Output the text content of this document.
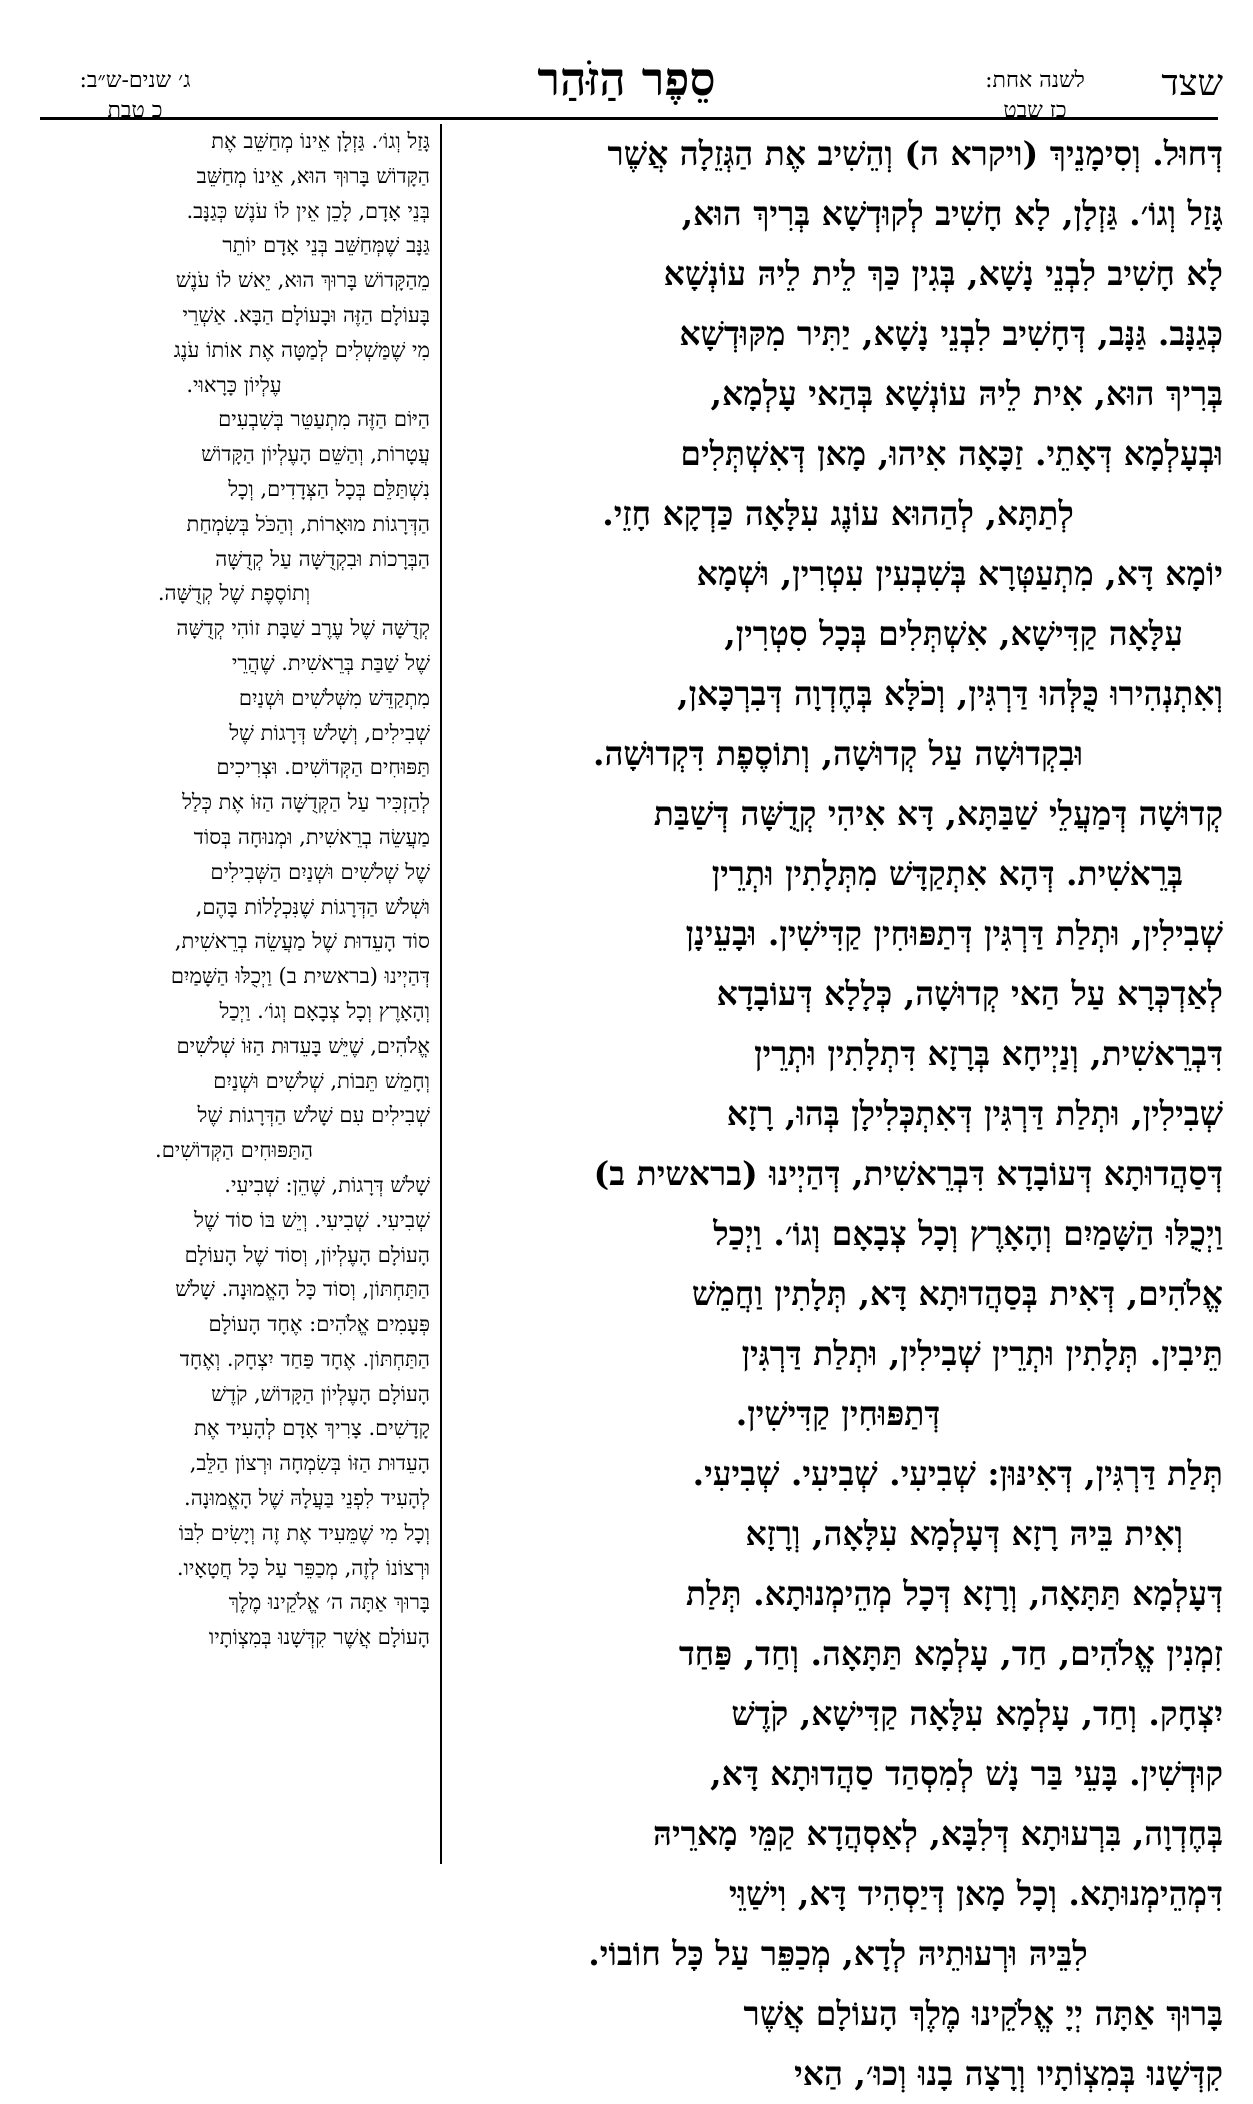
שצד
לשנה אחת:
כז שבט
סֵפֶר הַזֹּהַר
ג׳ שנים-ש״ב:
כ טבת
דְּחוּל. וְסִימָנֵיךְ (ויקרא ה) וְהֵשִׁיב אֶת הַגְּזֵלָה אֲשֶׁר
גָּזַל וְגוֹ׳. גַּזְלָן, לָא חָשִׁיב לְקוּדְשָׁא בְּרִיךְ הוּא,
לָא חָשִׁיב לִבְנֵי נָשָׁא, בְּגִין כַּךְ לֵית לֵיהּ עוֹנְשָׁא
כְּגַנָּב. גַּנָּב, דְּחָשִׁיב לִבְנֵי נָשָׁא, יַתִּיר מִקּוּדְשָׁא
בְּרִיךְ הוּא, אִית לֵיהּ עוֹנְשָׁא בְּהַאי עָלְמָא,
וּבְעָלְמָא דְּאָתֵי. זַכָּאָה אִיהוּ, מָאן דְּאִשְׁתְּלִים
לְתַתָּא, לְהַהוּא עוֹנֶג עִלָּאָה כַּדְקָא חָזֵי.
יוֹמָא דָּא, מִתְעַטְּרָא בְּשִׁבְעִין עִטְרִין, וּשְׁמָא
עִלָּאָה קַדִּישָׁא, אִשְׁתְּלִים בְּכָל סִטְרִין,
וְאִתְנְהִירוּ כֻּלְּהוּ דַּרְגִּין, וְכֹלָּא בְּחֶדְוָה דְּבִרְכָּאן,
וּבִקְדוּשָׁה עַל קְדוּשָׁה, וְתוֹסֶפֶת דִּקְדוּשָׁה.
קְדוּשָׁה דְּמַעֲלֵי שַׁבַּתָּא, דָּא אִיהִי קְדֻשָּׁה דְּשַׁבַּת
בְּרֵאשִׁית. דְּהָא אִתְקַדָּשׁ מִתְּלָתִין וּתְרֵין
שְׁבִילִין, וּתְלַת דַּרְגִּין דְּתַפּוּחִין קַדִּישִׁין. וּבָעֵינָן
לְאַדְכְּרָא עַל הַאי קְדוּשָׁה, כְּלָלָא דְּעוֹבָדָא
דִּבְרֵאשִׁית, וְנַיְיחָא בְּרָזָא דִּתְלָתִין וּתְרֵין
שְׁבִילִין, וּתְלַת דַּרְגִּין דְּאִתְכְּלִילָן בְּהוּ, רָזָא
דְּסַהֲדוּתָא דְּעוֹבָדָא דִּבְרֵאשִׁית, דְּהַיְינוּ (בראשית ב)
וַיְכֻלּוּ הַשָּׁמַיִם וְהָאָרֶץ וְכָל צְבָאָם וְגוֹ׳. וַיְכַל
אֱלֹהִים, דְּאִית בְּסַהֲדוּתָא דָּא, תְּלָתִין וַחֲמֵשׁ
תֵּיבִין. תְּלָתִין וּתְרֵין שְׁבִילִין, וּתְלַת דַּרְגִּין
דְּתַפּוּחִין קַדִּישִׁין.
תְּלַת דַּרְגִּין, דְּאִינּוּן: שְׁבִיעִי. שְׁבִיעִי. שְׁבִיעִי.
וְאִית בֵּיהּ רָזָא דְּעָלְמָא עִלָּאָה, וְרָזָא
דְּעָלְמָא תַּתָּאָה, וְרָזָא דְּכָל מְהֵימְנוּתָא. תְּלַת
זִמְנִין אֱלֹהִים, חַד, עָלְמָא תַּתָּאָה. וְחַד, פַּחַד
יִצְחָק. וְחַד, עָלְמָא עִלָּאָה קַדִּישָׁא, קֹדֶשׁ
קוּדְשִׁין. בָּעֵי בַּר נָשׁ לְמִסְהַד סַהֲדוּתָא דָּא,
בְּחֶדְוָה, בִּרְעוּתָא דְּלִבָּא, לְאַסְהֲדָא קַמֵּי מָארֵיהּ
דִּמְהֵימְנוּתָא. וְכָל מָאן דְּיַסְהִיד דָּא, וִישַׁוֵּי
לִבֵּיהּ וּרְעוּתֵיהּ לְדָא, מְכַפֵּר עַל כָּל חוֹבוֹי.
בָּרוּךְ אַתָּה יְיָ אֱלֹקֵינוּ מֶלֶךְ הָעוֹלָם אֲשֶׁר
קִדְּשָׁנוּ בְּמִצְוֹתָיו וְרָצָה בָנוּ וְכוּ׳, הַאי
גָּזַל וְגוֹ׳. גַּזְלָן אֵינוֹ מְחַשֵּׁב אֶת
הַקָּדוֹשׁ בָּרוּךְ הוּא, אֵינוֹ מְחַשֵּׁב
בְּנֵי אָדָם, לָכֵן אֵין לוֹ עֹנֶשׁ כְּגַנָּב.
גַּנָּב שֶׁמְּחַשֵּׁב בְּנֵי אָדָם יוֹתֵר
מֵהַקָּדוֹשׁ בָּרוּךְ הוּא, יֵאשׁ לוֹ עֹנֶשׁ
בָּעוֹלָם הַזֶּה וּבָעוֹלָם הַבָּא. אַשְׁרֵי
מִי שֶׁמַּשְׁלִים לְמַטָּה אֶת אוֹתוֹ עֹנֶג
עֶלְיוֹן כָּרָאוּי.
הַיּוֹם הַזֶּה מִתְעַטֵּר בְּשִׁבְעִים
עֲטָרוֹת, וְהַשֵּׁם הָעֶלְיוֹן הַקָּדוֹשׁ
נִשְׁתַּלֵּם בְּכָל הַצְּדָדִים, וְכָל
הַדְּרָגוֹת מוּאָרוֹת, וְהַכֹּל בְּשִׂמְחַת
הַבְּרָכוֹת וּבִקְדֻשָּׁה עַל קְדֻשָּׁה
וְתוֹסֶפֶת שֶׁל קְדֻשָּׁה.
קְדֻשָּׁה שֶׁל עֶרֶב שַׁבָּת זוֹהִי קְדֻשָּׁה
שֶׁל שַׁבַּת בְּרֵאשִׁית. שֶׁהֲרֵי
מִתְקַדֵּשׁ מִשְּׁלֹשִׁים וּשְׁנַיִם
שְׁבִילִים, וְשָׁלֹשׁ דְּרָגוֹת שֶׁל
תַּפּוּחִים הַקְּדוֹשִׁים. וּצְרִיכִים
לְהַזְכִּיר עַל הַקְּדֻשָּׁה הַזּוֹ אֶת כְּלַל
מַעֲשֵׂה בְרֵאשִׁית, וּמְנוּחָה בְּסוֹד
שֶׁל שְׁלֹשִׁים וּשְׁנַיִם הַשְּׁבִילִים
וּשְׁלֹשׁ הַדְּרָגוֹת שֶׁנִּכְלָלוֹת בָּהֶם,
סוֹד הָעֵדוּת שֶׁל מַעֲשֵׂה בְרֵאשִׁית,
דְּהַיְינוּ (בראשית ב) וַיְכֻלּוּ הַשָּׁמַיִם
וְהָאָרֶץ וְכָל צְבָאָם וְגוֹ׳. וַיְכַל
אֱלֹהִים, שֶׁיֵּשׁ בָּעֵדוּת הַזּוֹ שְׁלֹשִׁים
וְחָמֵשׁ תֵּבוֹת, שְׁלֹשִׁים וּשְׁנַיִם
שְׁבִילִים עִם שָׁלֹשׁ הַדְּרָגוֹת שֶׁל
הַתַּפּוּחִים הַקְּדוֹשִׁים.
שָׁלֹשׁ דְּרָגוֹת, שֶׁהֵן: שְׁבִיעִי.
שְׁבִיעִי. שְׁבִיעִי. וְיֵשׁ בּוֹ סוֹד שֶׁל
הָעוֹלָם הָעֶלְיוֹן, וְסוֹד שֶׁל הָעוֹלָם
הַתַּחְתּוֹן, וְסוֹד כָּל הָאֱמוּנָה. שָׁלֹשׁ
פְּעָמִים אֱלֹהִים: אֶחָד הָעוֹלָם
הַתַּחְתּוֹן. אֶחָד פַּחַד יִצְחָק. וְאֶחָד
הָעוֹלָם הָעֶלְיוֹן הַקָּדוֹשׁ, קֹדֶשׁ
קָדָשִׁים. צָרִיךְ אָדָם לְהָעִיד אֶת
הָעֵדוּת הַזּוֹ בְּשִׂמְחָה וּרְצוֹן הַלֵּב,
לְהָעִיד לִפְנֵי בַּעֲלָהּ שֶׁל הָאֱמוּנָה.
וְכָל מִי שֶׁמֵּעִיד אֶת זֶה וְיָשִׂים לִבּוֹ
וּרְצוֹנוֹ לְזֶה, מְכַפֵּר עַל כָּל חֲטָאָיו.
בָּרוּךְ אַתָּה ה׳ אֱלֹקֵינוּ מֶלֶךְ
הָעוֹלָם אֲשֶׁר קִדְּשָׁנוּ בְּמִצְוֹתָיו
